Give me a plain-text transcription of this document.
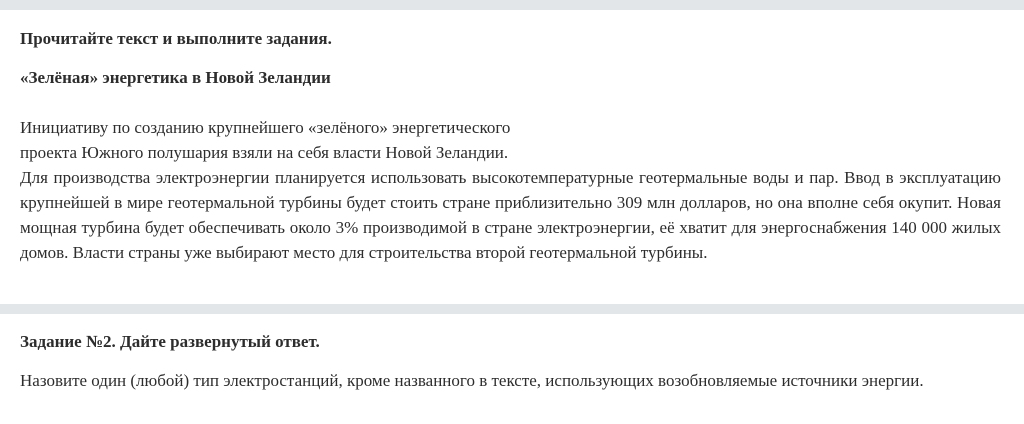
Прочитайте текст и выполните задания.

«Зелёная» энергетика в Новой Зеландии

Инициативу по созданию крупнейшего «зелёного» энергетического

проекта Южного полушария взяли на себя власти Новой Зеландии.

Для производства электроэнергии планируется использовать высокотемпературные геотермальные воды и пар. Ввод в эксплуатацию крупнейшей в мире геотермальной турбины будет стоить стране приблизительно 309 млн долларов, но она вполне себя окупит. Новая мощная турбина будет обеспечивать около 3% производимой в стране электроэнергии, её хватит для энергоснабжения 140 000 жилых домов. Власти страны уже выбирают место для строительства второй геотермальной турбины.

Задание №2. Дайте развернутый ответ.

Назовите один (любой) тип электростанций, кроме названного в тексте, использующих возобновляемые источники энергии.
